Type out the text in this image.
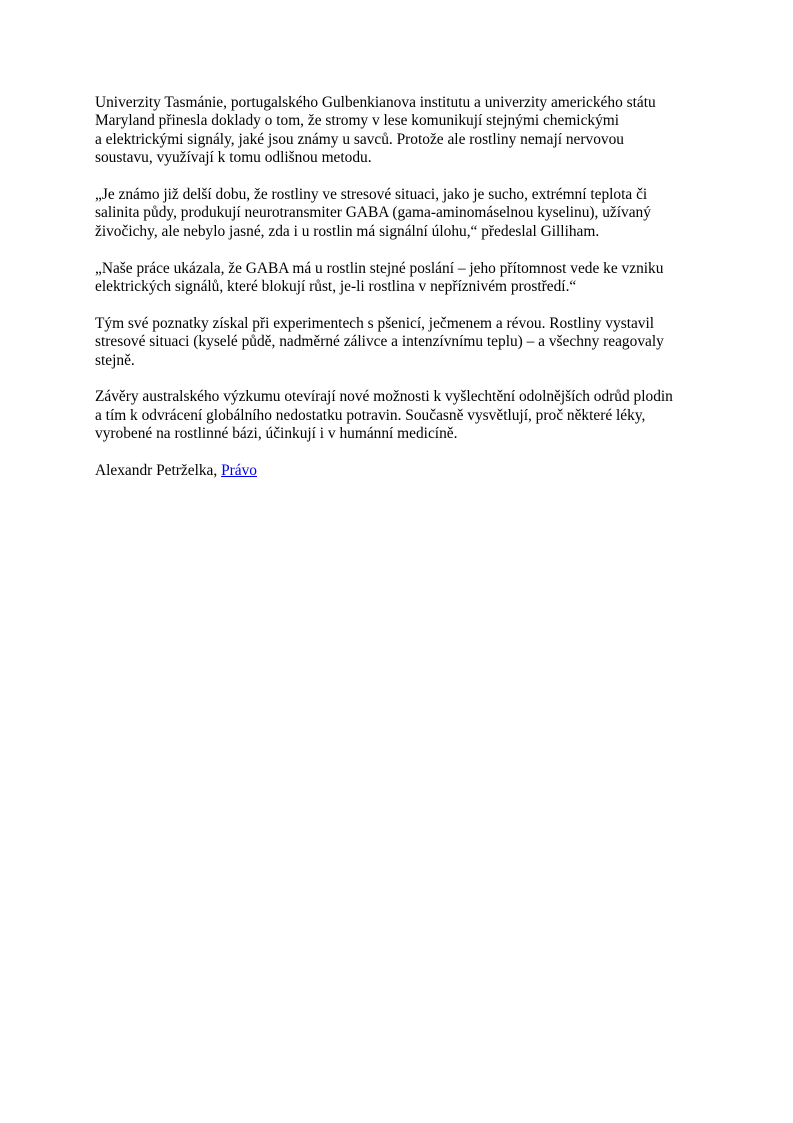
Univerzity Tasmánie, portugalského Gulbenkianova institutu a univerzity amerického státu
Maryland přinesla doklady o tom, že stromy v lese komunikují stejnými chemickými
a elektrickými signály, jaké jsou známy u savců. Protože ale rostliny nemají nervovou
soustavu, využívají k tomu odlišnou metodu.

„Je známo již delší dobu, že rostliny ve stresové situaci, jako je sucho, extrémní teplota či
salinita půdy, produkují neurotransmiter GABA (gama-aminomáselnou kyselinu), užívaný
živočichy, ale nebylo jasné, zda i u rostlin má signální úlohu,“ předeslal Gilliham.

„Naše práce ukázala, že GABA má u rostlin stejné poslání – jeho přítomnost vede ke vzniku
elektrických signálů, které blokují růst, je-li rostlina v nepříznivém prostředí.“

Tým své poznatky získal při experimentech s pšenicí, ječmenem a révou. Rostliny vystavil
stresové situaci (kyselé půdě, nadměrné zálivce a intenzívnímu teplu) – a všechny reagovaly
stejně.

Závěry australského výzkumu otevírají nové možnosti k vyšlechtění odolnějších odrůd plodin
a tím k odvrácení globálního nedostatku potravin. Současně vysvětlují, proč některé léky,
vyrobené na rostlinné bázi, účinkují i v humánní medicíně.

Alexandr Petrželka, Právo
